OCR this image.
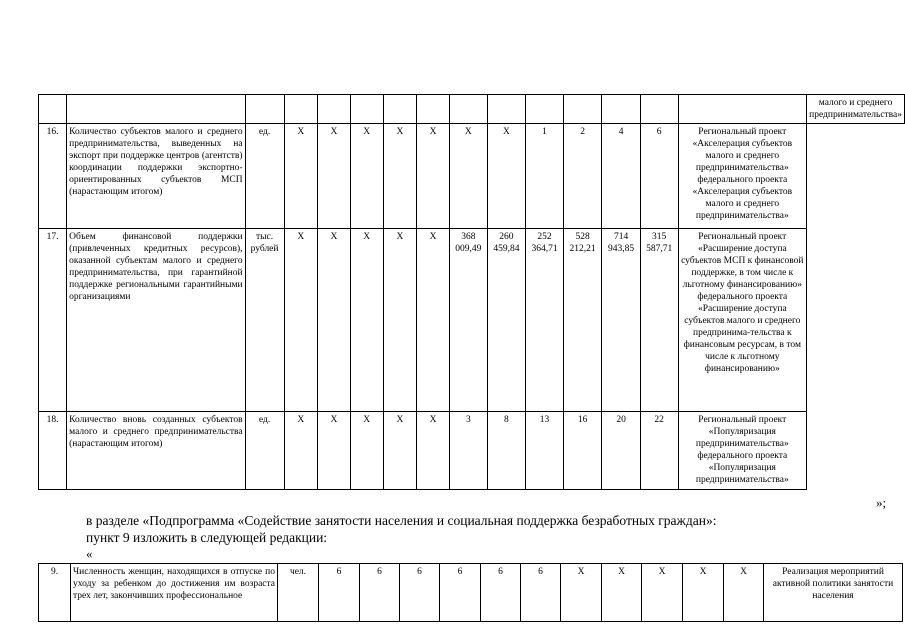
															малого и среднего предпринимательства»
16.	Количество субъектов малого и среднего предпринимательства, выведенных на экспорт при поддержке центров (агентств) координации поддержки экспортно-ориентированных субъектов МСП (нарастающим итогом)	ед.	X	X	X	X	X	X	X	1	2	4	6	Региональный проект «Акселерация субъектов малого и среднего предпринимательства» федерального проекта «Акселерация субъектов малого и среднего предпринимательства»	
17.	Объем финансовой поддержки (привлеченных кредитных ресурсов), оказанной субъектам малого и среднего предпринимательства, при гарантийной поддержке региональными гарантийными организациями	тыс. рублей	X	X	X	X	X	368 009,49	260 459,84	252 364,71	528 212,21	714 943,85	315 587,71	Региональный проект «Расширение доступа субъектов МСП к финансовой поддержке, в том числе к льготному финансированию» федерального проекта «Расширение доступа субъектов малого и среднего предпринима-тельства к финансовым ресурсам, в том числе к льготному финансированию»	
18.	Количество вновь созданных субъектов малого и среднего предпринимательства (нарастающим итогом)	ед.	X	X	X	X	X	3	8	13	16	20	22	Региональный проект «Популяризация предпринимательства» федерального проекта «Популяризация предпринимательства»	
»;
в разделе «Подпрограмма «Содействие занятости населения и социальная поддержка безработных граждан»:
пункт 9 изложить в следующей редакции:
«
9.	Численность женщин, находящихся в отпуске по уходу за ребенком до достижения им возраста трех лет, закончивших профессиональное	чел.	6	6	6	6	6	6	X	X	X	X	X	Реализация мероприятий активной политики занятости населения
